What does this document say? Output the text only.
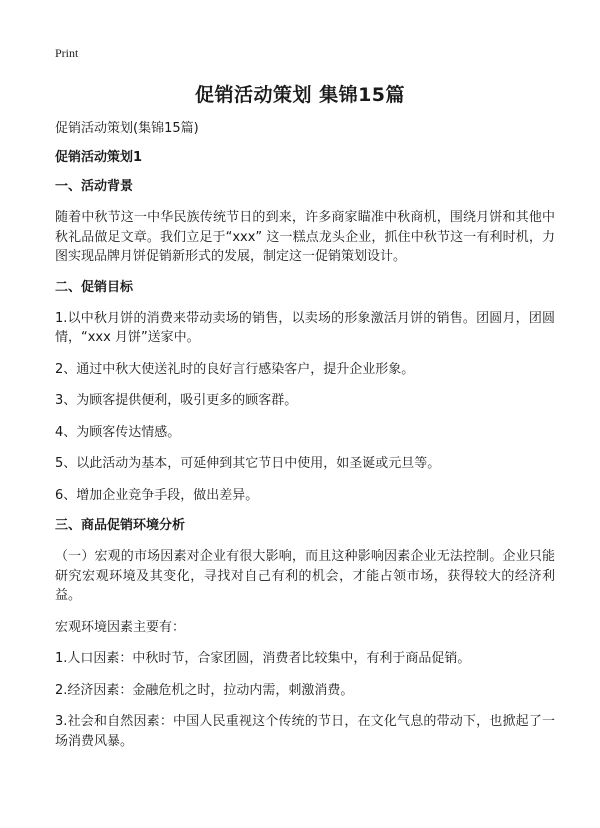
Print
促销活动策划 集锦15篇

促销活动策划(集锦15篇)

促销活动策划1

一、活动背景

随着中秋节这一中华民族传统节日的到来，许多商家瞄准中秋商机，围绕月饼和其他中秋礼品做足文章。我们立足于“xxx” 这一糕点龙头企业，抓住中秋节这一有利时机，力图实现品牌月饼促销新形式的发展，制定这一促销策划设计。

二、促销目标

1.以中秋月饼的消费来带动卖场的销售，以卖场的形象激活月饼的销售。团圆月，团圆情，“xxx 月饼”送家中。

2、通过中秋大使送礼时的良好言行感染客户，提升企业形象。

3、为顾客提供便利，吸引更多的顾客群。

4、为顾客传达情感。

5、以此活动为基本，可延伸到其它节日中使用，如圣诞或元旦等。

6、增加企业竞争手段，做出差异。

三、商品促销环境分析

（一）宏观的市场因素对企业有很大影响，而且这种影响因素企业无法控制。企业只能研究宏观环境及其变化，寻找对自己有利的机会，才能占领市场，获得较大的经济利益。

宏观环境因素主要有：

1.人口因素：中秋时节，合家团圆，消费者比较集中，有利于商品促销。

2.经济因素：金融危机之时，拉动内需，刺激消费。

3.社会和自然因素：中国人民重视这个传统的节日，在文化气息的带动下，也掀起了一场消费风暴。
